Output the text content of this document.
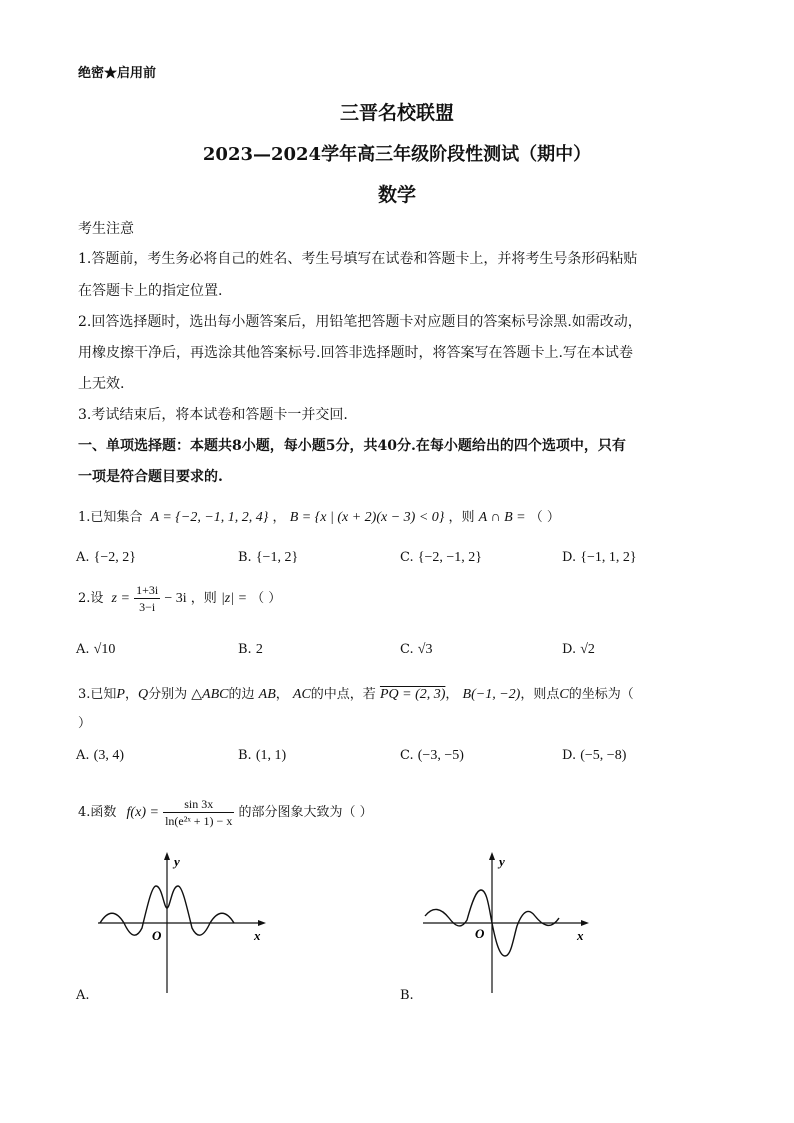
绝密★启用前
三晋名校联盟
2023—2024学年高三年级阶段性测试（期中）
数学
考生注意
1.答题前，考生务必将自己的姓名、考生号填写在试卷和答题卡上，并将考生号条形码粘贴
在答题卡上的指定位置.
2.回答选择题时，选出每小题答案后，用铅笔把答题卡对应题目的答案标号涂黑.如需改动，
用橡皮擦干净后，再选涂其他答案标号.回答非选择题时，将答案写在答题卡上.写在本试卷
上无效.
3.考试结束后，将本试卷和答题卡一并交回.
一、单项选择题：本题共8小题，每小题5分，共40分.在每小题给出的四个选项中，只有
一项是符合题目要求的.
1.已知集合 A = {−2, −1, 1, 2, 4} ， B = {x | (x + 2)(x − 3) < 0} ，则 A ∩ B = （ ）
A. {−2, 2}	B. {−1, 2}	C. {−2, −1, 2}	D. {−1, 1, 2}
2.设 $z = \frac{1+3i}{3-i} - 3i$ ，则 |z| = （ ）
A. √10	B. 2	C. √3	D. √2
3.已知P，Q分别为 △ABC的边 AB， AC的中点，若 PQ = (2, 3)， B(−1, −2)，则点C的坐标为（
）
A. (3, 4)	B. (1, 1)	C. (−3, −5)	D. (−5, −8)
4.函数 $f(x) = \frac{\sin 3x}{\text{ln(e²ˣ + 1) − x}}$ 的部分图象大致为（ ）
y
x
O
A.
y
x
O
B.
